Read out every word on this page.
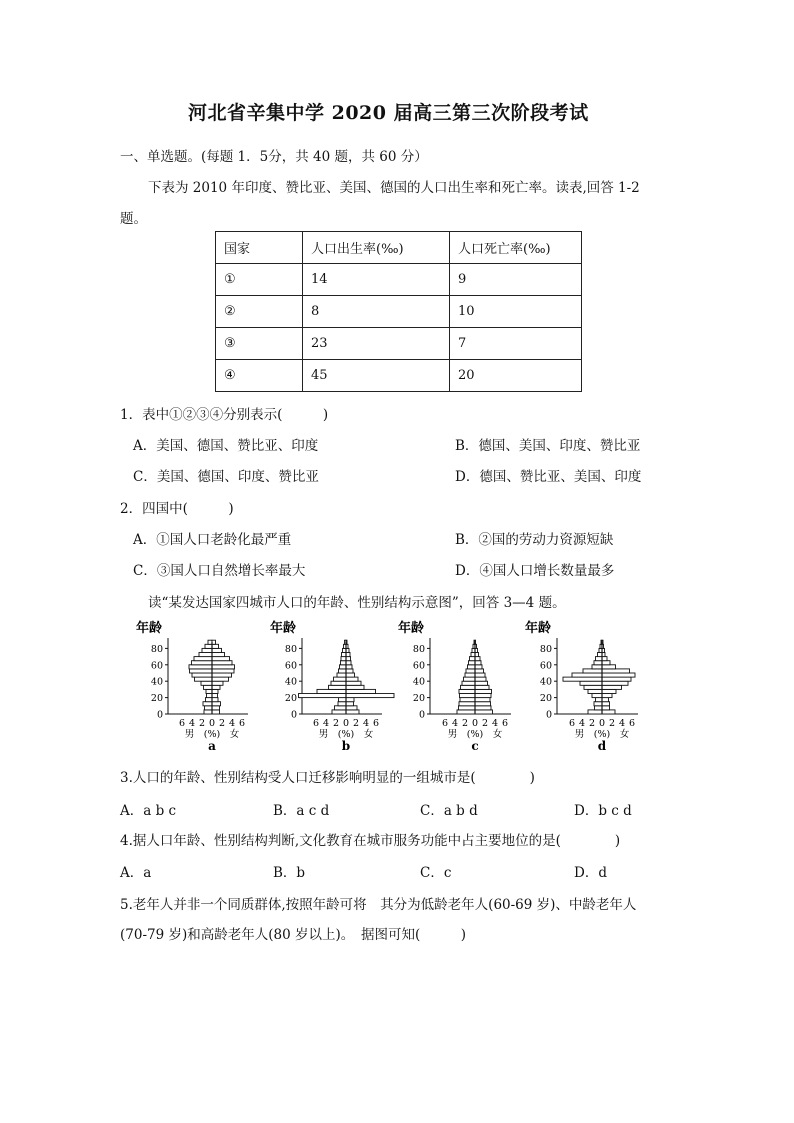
河北省辛集中学 2020 届高三第三次阶段考试
一、单选题。(每题 1．5分，共 40 题，共 60 分）
下表为 2010 年印度、赞比亚、美国、德国的人口出生率和死亡率。读表,回答 1-2
题。
国家	人口出生率(‰)	人口死亡率(‰)
①	14	9
②	8	10
③	23	7
④	45	20
1．表中①②③④分别表示(　　　)
A．美国、德国、赞比亚、印度	B．德国、美国、印度、赞比亚
C．美国、德国、印度、赞比亚	D．德国、赞比亚、美国、印度
2．四国中(　　　)
A．①国人口老龄化最严重	B．②国的劳动力资源短缺
C．③国人口自然增长率最大	D．④国人口增长数量最多
读“某发达国家四城市人口的年龄、性别结构示意图”，回答 3—4 题。
年龄
0
20
40
60
80
6 4 2 0 2 4 6
男　(%)　女
a
年龄
0
20
40
60
80
6 4 2 0 2 4 6
男　(%)　女
b
年龄
0
20
40
60
80
6 4 2 0 2 4 6
男　(%)　女
c
年龄
0
20
40
60
80
6 4 2 0 2 4 6
男　(%)　女
d
3.人口的年龄、性别结构受人口迁移影响明显的一组城市是(　　　　)
A．a b c	B．a c d	C．a b d	D．b c d
4.据人口年龄、性别结构判断,文化教育在城市服务功能中占主要地位的是(　　　　)
A．a	B．b	C．c	D．d
5.老年人并非一个同质群体,按照年龄可将　其分为低龄老年人(60-69 岁)、中龄老年人
(70-79 岁)和高龄老年人(80 岁以上)。　据图可知(　　　)
